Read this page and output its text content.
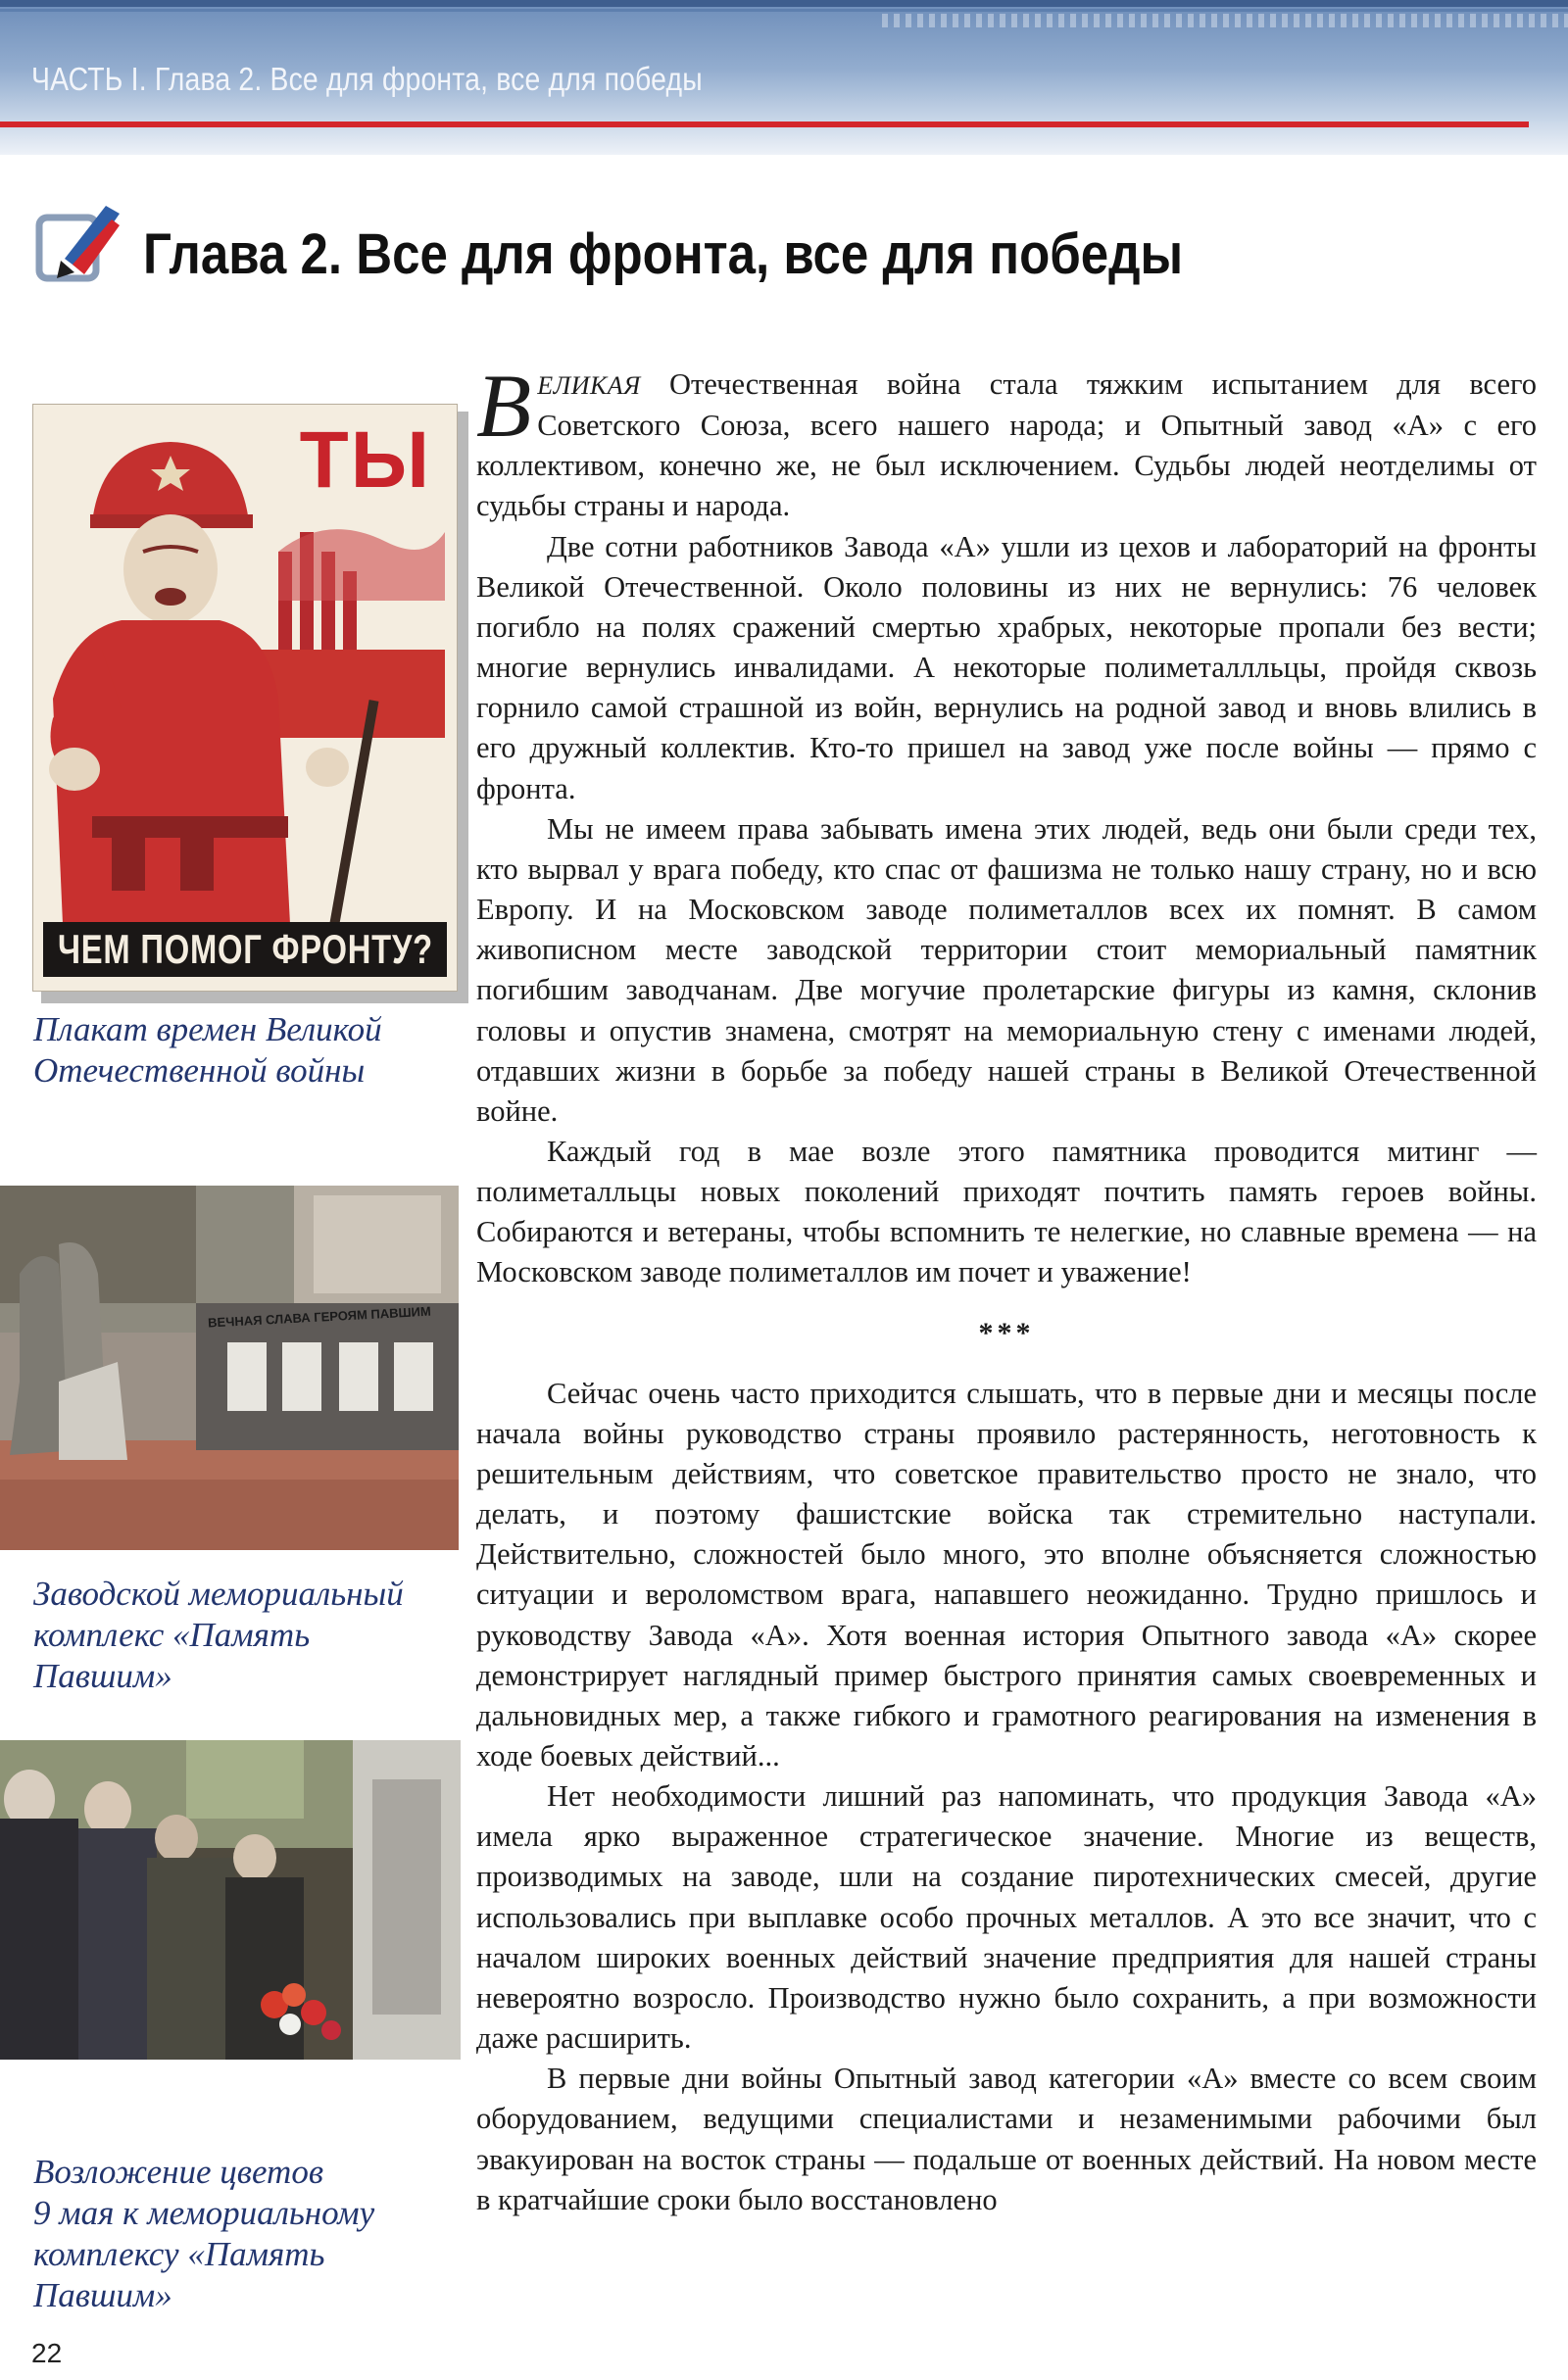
ЧАСТЬ I. Глава 2. Все для фронта, все для победы
Глава 2. Все для фронта, все для победы
ТЫ
ЧЕМ ПОМОГ ФРОНТУ?

Плакат времен Великой
Отечественной войны

ВЕЧНАЯ СЛАВА ГЕРОЯМ ПАВШИМ

Заводской мемориальный
комплекс «Память
Павшим»

Возложение цветов
9 мая к мемориальному
комплексу «Память
Павшим»

ВЕЛИКАЯ Отечественная война стала тяжким испытанием для всего Советского Союза, всего нашего народа; и Опытный завод «А» с его коллективом, конечно же, не был исключением. Судьбы людей неотделимы от судьбы страны и народа.

Две сотни работников Завода «А» ушли из цехов и лабораторий на фронты Великой Отечественной. Около половины из них не вернулись: 76 человек погибло на полях сражений смертью храбрых, некоторые пропали без вести; многие вернулись инвалидами. А некоторые полиметаллльцы, пройдя сквозь горнило самой страшной из войн, вернулись на родной завод и вновь влились в его дружный коллектив. Кто-то пришел на завод уже после войны — прямо с фронта.

Мы не имеем права забывать имена этих людей, ведь они были среди тех, кто вырвал у врага победу, кто спас от фашизма не только нашу страну, но и всю Европу. И на Московском заводе полиметаллов всех их помнят. В самом живописном месте заводской территории стоит мемориальный памятник погибшим заводчанам. Две могучие пролетарские фигуры из камня, склонив головы и опустив знамена, смотрят на мемориальную стену с именами людей, отдавших жизни в борьбе за победу нашей страны в Великой Отечественной войне.

Каждый год в мае возле этого памятника проводится митинг — полиметалльцы новых поколений приходят почтить память героев войны. Собираются и ветераны, чтобы вспомнить те нелегкие, но славные времена — на Московском заводе полиметаллов им почет и уважение!

***

Сейчас очень часто приходится слышать, что в первые дни и месяцы после начала войны руководство страны проявило растерянность, неготовность к решительным действиям, что советское правительство просто не знало, что делать, и поэтому фашистские войска так стремительно наступали. Действительно, сложностей было много, это вполне объясняется сложностью ситуации и вероломством врага, напавшего неожиданно. Трудно пришлось и руководству Завода «А». Хотя военная история Опытного завода «А» скорее демонстрирует наглядный пример быстрого принятия самых своевременных и дальновидных мер, а также гибкого и грамотного реагирования на изменения в ходе боевых действий...

Нет необходимости лишний раз напоминать, что продукция Завода «А» имела ярко выраженное стратегическое значение. Многие из веществ, производимых на заводе, шли на создание пиротехнических смесей, другие использовались при выплавке особо прочных металлов. А это все значит, что с началом широких военных действий значение предприятия для нашей страны невероятно возросло. Производство нужно было сохранить, а при возможности даже расширить.

В первые дни войны Опытный завод категории «А» вместе со всем своим оборудованием, ведущими специалистами и незаменимыми рабочими был эвакуирован на восток страны — подальше от военных действий. На новом месте в кратчайшие сроки было восстановлено

22
